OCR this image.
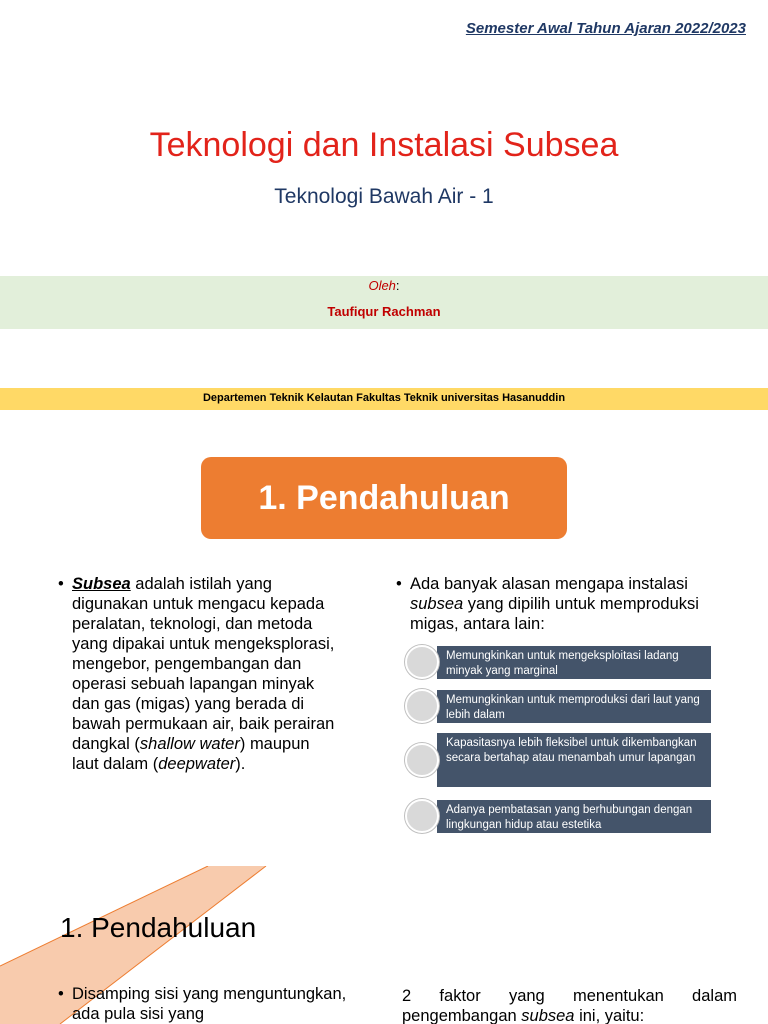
Semester Awal Tahun Ajaran 2022/2023
Teknologi dan Instalasi Subsea
Teknologi Bawah Air - 1
Oleh:
Taufiqur Rachman
Departemen Teknik Kelautan Fakultas Teknik universitas Hasanuddin
1. Pendahuluan
• Subsea adalah istilah yang digunakan untuk mengacu kepada peralatan, teknologi, dan metoda yang dipakai untuk mengeksplorasi, mengebor, pengembangan dan operasi sebuah lapangan minyak dan gas (migas) yang berada di bawah permukaan air, baik perairan dangkal (shallow water) maupun laut dalam (deepwater).
• Ada banyak alasan mengapa instalasi subsea yang dipilih untuk memproduksi migas, antara lain:
Memungkinkan untuk mengeksploitasi ladang minyak yang marginal
Memungkinkan untuk memproduksi dari laut yang lebih dalam
Kapasitasnya lebih fleksibel untuk dikembangkan secara bertahap atau menambah umur lapangan
Adanya pembatasan yang berhubungan dengan lingkungan hidup atau estetika
1. Pendahuluan
• Disamping sisi yang menguntungkan, ada pula sisi yang
2 faktor yang menentukan dalam pengembangan subsea ini, yaitu:
